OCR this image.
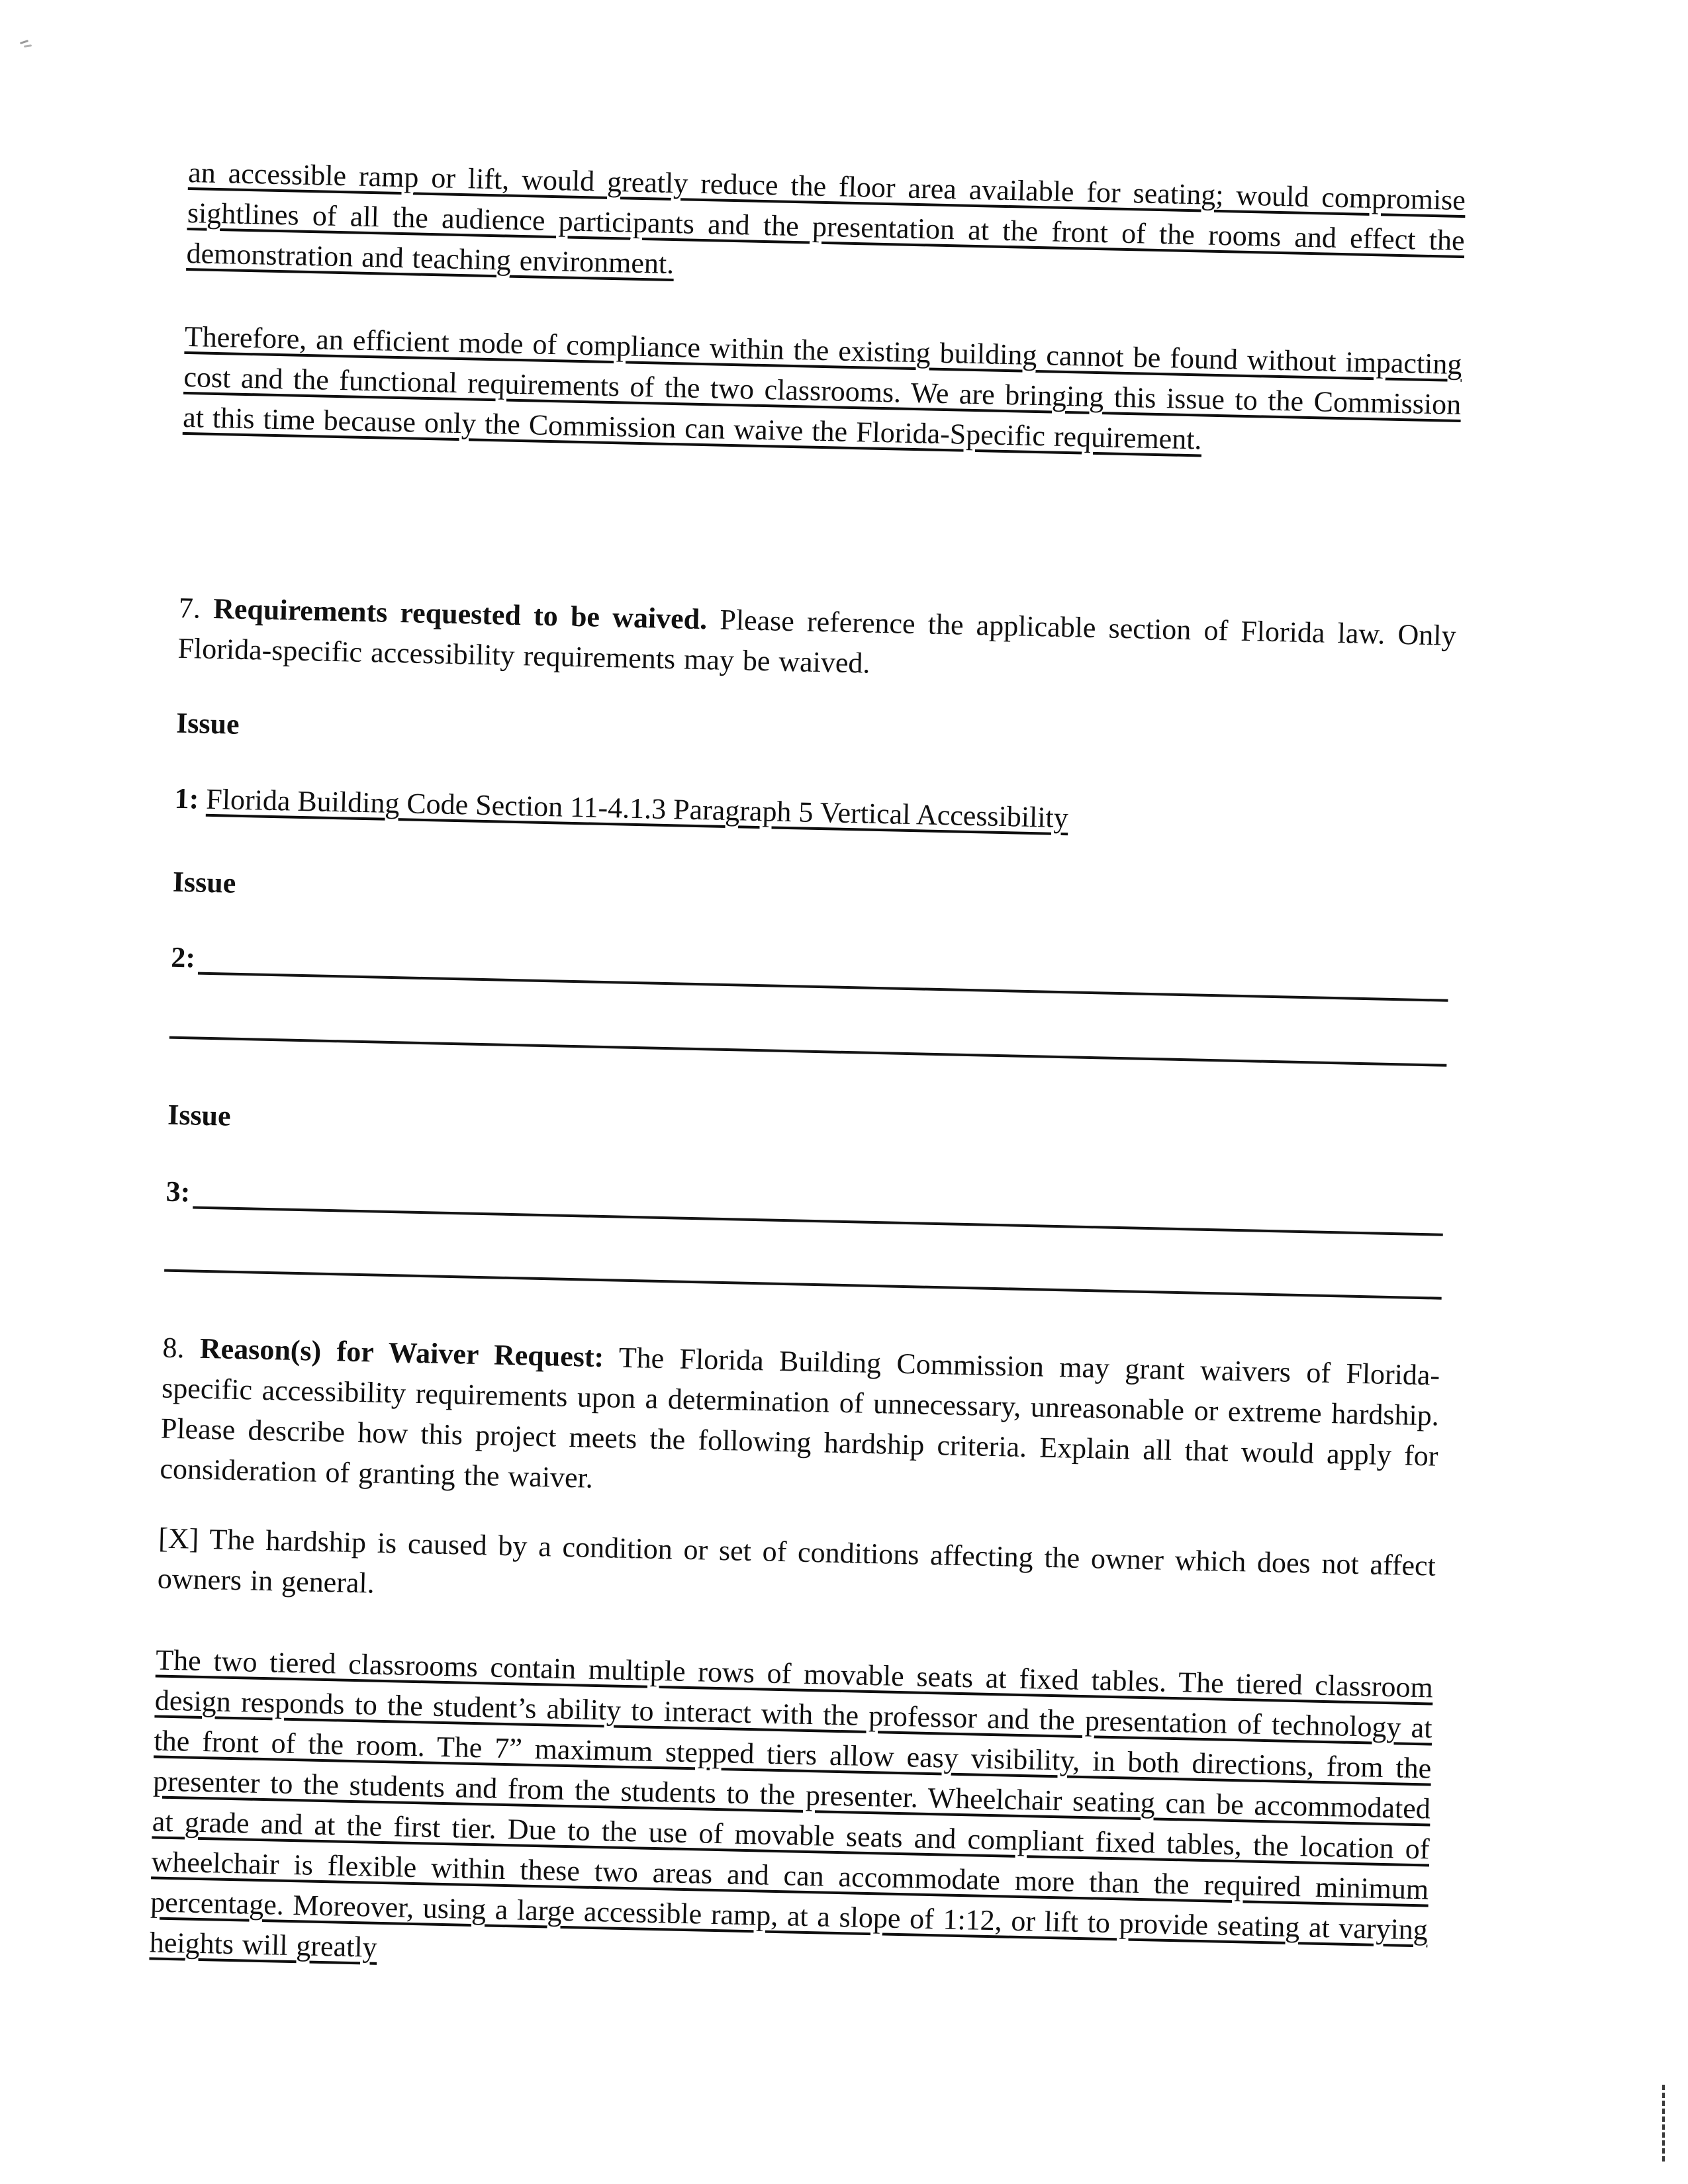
an accessible ramp or lift, would greatly reduce the floor area available for seating; would compromise sightlines of all the audience participants and the presentation at the front of the rooms and effect the demonstration and teaching environment.

Therefore, an efficient mode of compliance within the existing building cannot be found without impacting cost and the functional requirements of the two classrooms. We are bringing this issue to the Commission at this time because only the Commission can waive the Florida-Specific requirement.

7. Requirements requested to be waived. Please reference the applicable section of Florida law. Only Florida-specific accessibility requirements may be waived.

Issue
1:
Florida Building Code Section 11-4.1.3 Paragraph 5 Vertical Accessibility
Issue
2:
Issue
3:

8. Reason(s) for Waiver Request: The Florida Building Commission may grant waivers of Florida-specific accessibility requirements upon a determination of unnecessary, unreasonable or extreme hardship. Please describe how this project meets the following hardship criteria. Explain all that would apply for consideration of granting the waiver.

[X] The hardship is caused by a condition or set of conditions affecting the owner which does not affect owners in general.

The two tiered classrooms contain multiple rows of movable seats at fixed tables. The tiered classroom design responds to the student’s ability to interact with the professor and the presentation of technology at the front of the room. The 7” maximum stepped tiers allow easy visibility, in both directions, from the presenter to the students and from the students to the presenter. Wheelchair seating can be accommodated at grade and at the first tier. Due to the use of movable seats and compliant fixed tables, the location of wheelchair is flexible within these two areas and can accommodate more than the required minimum percentage. Moreover, using a large accessible ramp, at a slope of 1:12, or lift to provide seating at varying heights will greatly
